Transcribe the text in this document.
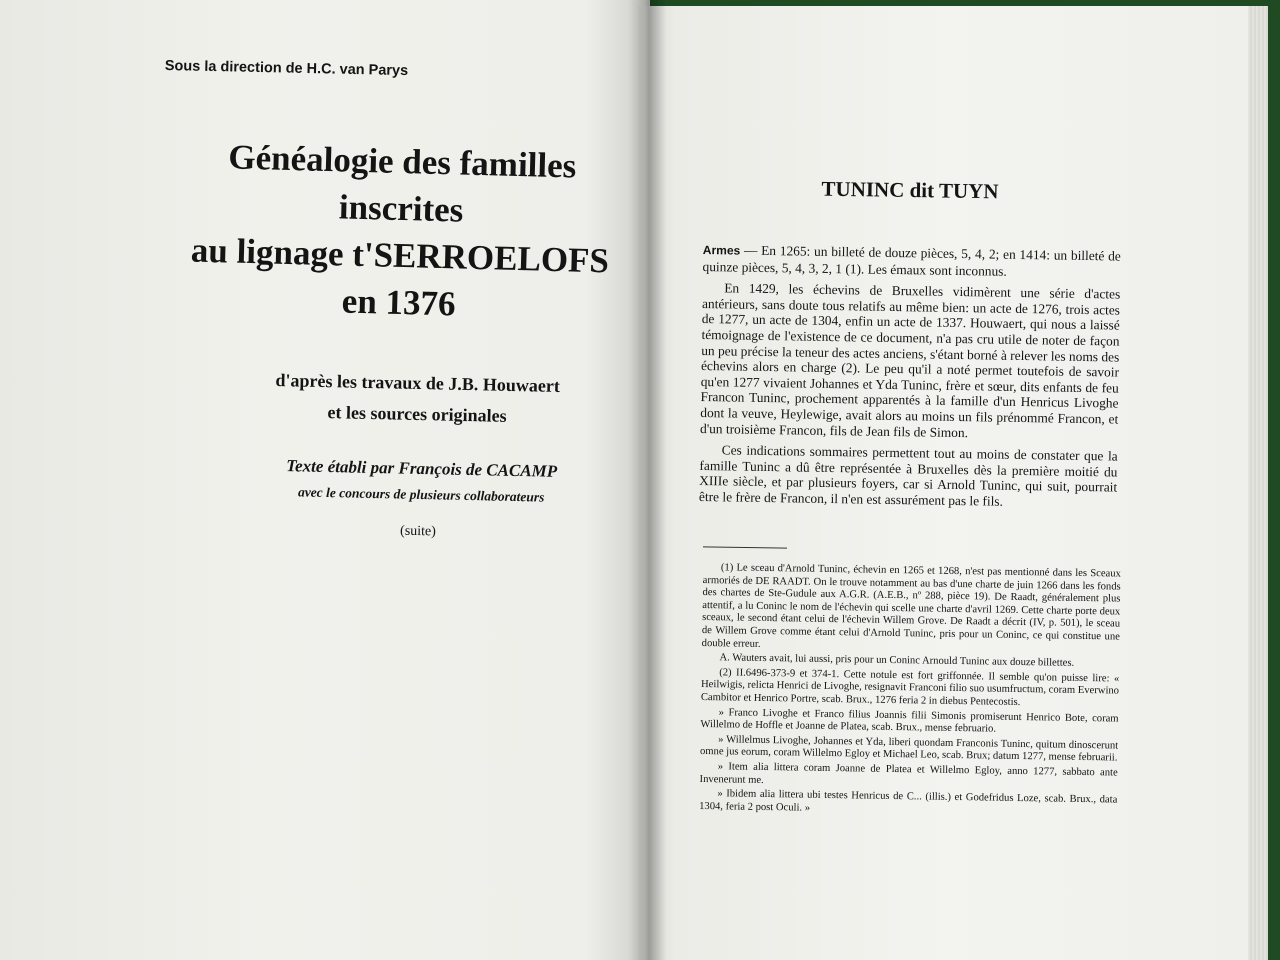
Sous la direction de H.C. van Parys
Généalogie des familles
inscrites
au lignage t'SERROELOFS
en 1376
d'après les travaux de J.B. Houwaert
et les sources originales
Texte établi par François de CACAMP
avec le concours de plusieurs collaborateurs
(suite)
TUNINC dit TUYN

Armes — En 1265: un billeté de douze pièces, 5, 4, 2; en 1414: un billeté de quinze pièces, 5, 4, 3, 2, 1 (1). Les émaux sont inconnus.

En 1429, les échevins de Bruxelles vidimèrent une série d'actes antérieurs, sans doute tous relatifs au même bien: un acte de 1276, trois actes de 1277, un acte de 1304, enfin un acte de 1337. Houwaert, qui nous a laissé témoignage de l'existence de ce document, n'a pas cru utile de noter de façon un peu précise la teneur des actes anciens, s'étant borné à relever les noms des échevins alors en charge (2). Le peu qu'il a noté permet toutefois de savoir qu'en 1277 vivaient Johannes et Yda Tuninc, frère et sœur, dits enfants de feu Francon Tuninc, prochement apparentés à la famille d'un Henricus Livoghe dont la veuve, Heylewige, avait alors au moins un fils prénommé Francon, et d'un troisième Francon, fils de Jean fils de Simon.

Ces indications sommaires permettent tout au moins de constater que la famille Tuninc a dû être représentée à Bruxelles dès la première moitié du XIIIe siècle, et par plusieurs foyers, car si Arnold Tuninc, qui suit, pourrait être le frère de Francon, il n'en est assurément pas le fils.

(1) Le sceau d'Arnold Tuninc, échevin en 1265 et 1268, n'est pas mentionné dans les Sceaux armoriés de DE RAADT. On le trouve notamment au bas d'une charte de juin 1266 dans les fonds des chartes de Ste-Gudule aux A.G.R. (A.E.B., nº 288, pièce 19). De Raadt, généralement plus attentif, a lu Coninc le nom de l'échevin qui scelle une charte d'avril 1269. Cette charte porte deux sceaux, le second étant celui de l'échevin Willem Grove. De Raadt a décrit (IV, p. 501), le sceau de Willem Grove comme étant celui d'Arnold Tuninc, pris pour un Coninc, ce qui constitue une double erreur.

A. Wauters avait, lui aussi, pris pour un Coninc Arnould Tuninc aux douze billettes.

(2) II.6496-373-9 et 374-1. Cette notule est fort griffonnée. Il semble qu'on puisse lire: « Heilwigis, relicta Henrici de Livoghe, resignavit Franconi filio suo usumfructum, coram Everwino Cambitor et Henrico Portre, scab. Brux., 1276 feria 2 in diebus Pentecostis.

» Franco Livoghe et Franco filius Joannis filii Simonis promiserunt Henrico Bote, coram Willelmo de Hoffle et Joanne de Platea, scab. Brux., mense februario.

» Willelmus Livoghe, Johannes et Yda, liberi quondam Franconis Tuninc, quitum dinoscerunt omne jus eorum, coram Willelmo Egloy et Michael Leo, scab. Brux; datum 1277, mense februarii.

» Item alia littera coram Joanne de Platea et Willelmo Egloy, anno 1277, sabbato ante Invenerunt me.

» Ibidem alia littera ubi testes Henricus de C... (illis.) et Godefridus Loze, scab. Brux., data 1304, feria 2 post Oculi. »
